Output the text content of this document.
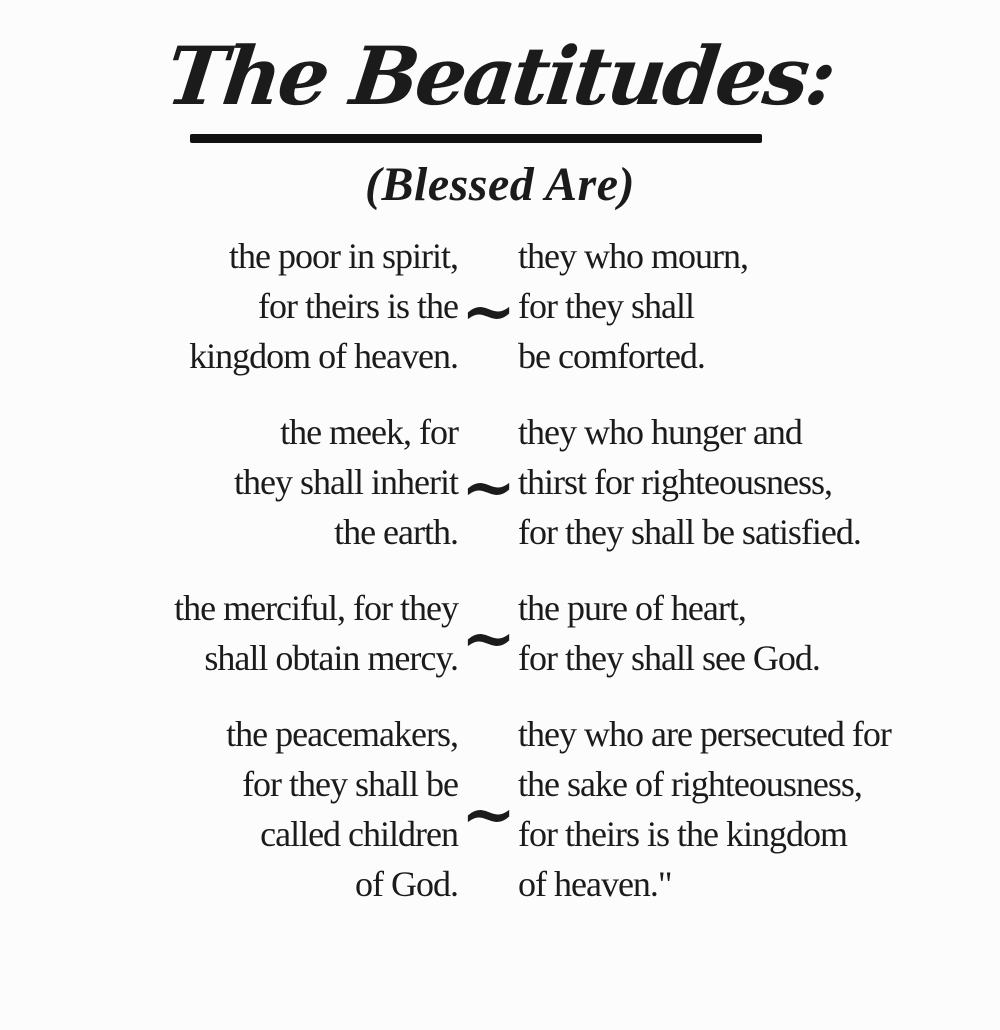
The Beatitudes:
(Blessed Are)
the poor in spirit,
for theirs is the
kingdom of heaven.
~
they who mourn,
for they shall
be comforted.
the meek, for
they shall inherit
the earth.
~
they who hunger and
thirst for righteousness,
for they shall be satisfied.
the merciful, for they
shall obtain mercy. ~ the pure of heart,
for they shall see God.
the peacemakers,
for they shall be
called children
of God.
~
they who are persecuted for
the sake of righteousness,
for theirs is the kingdom
of heaven."
